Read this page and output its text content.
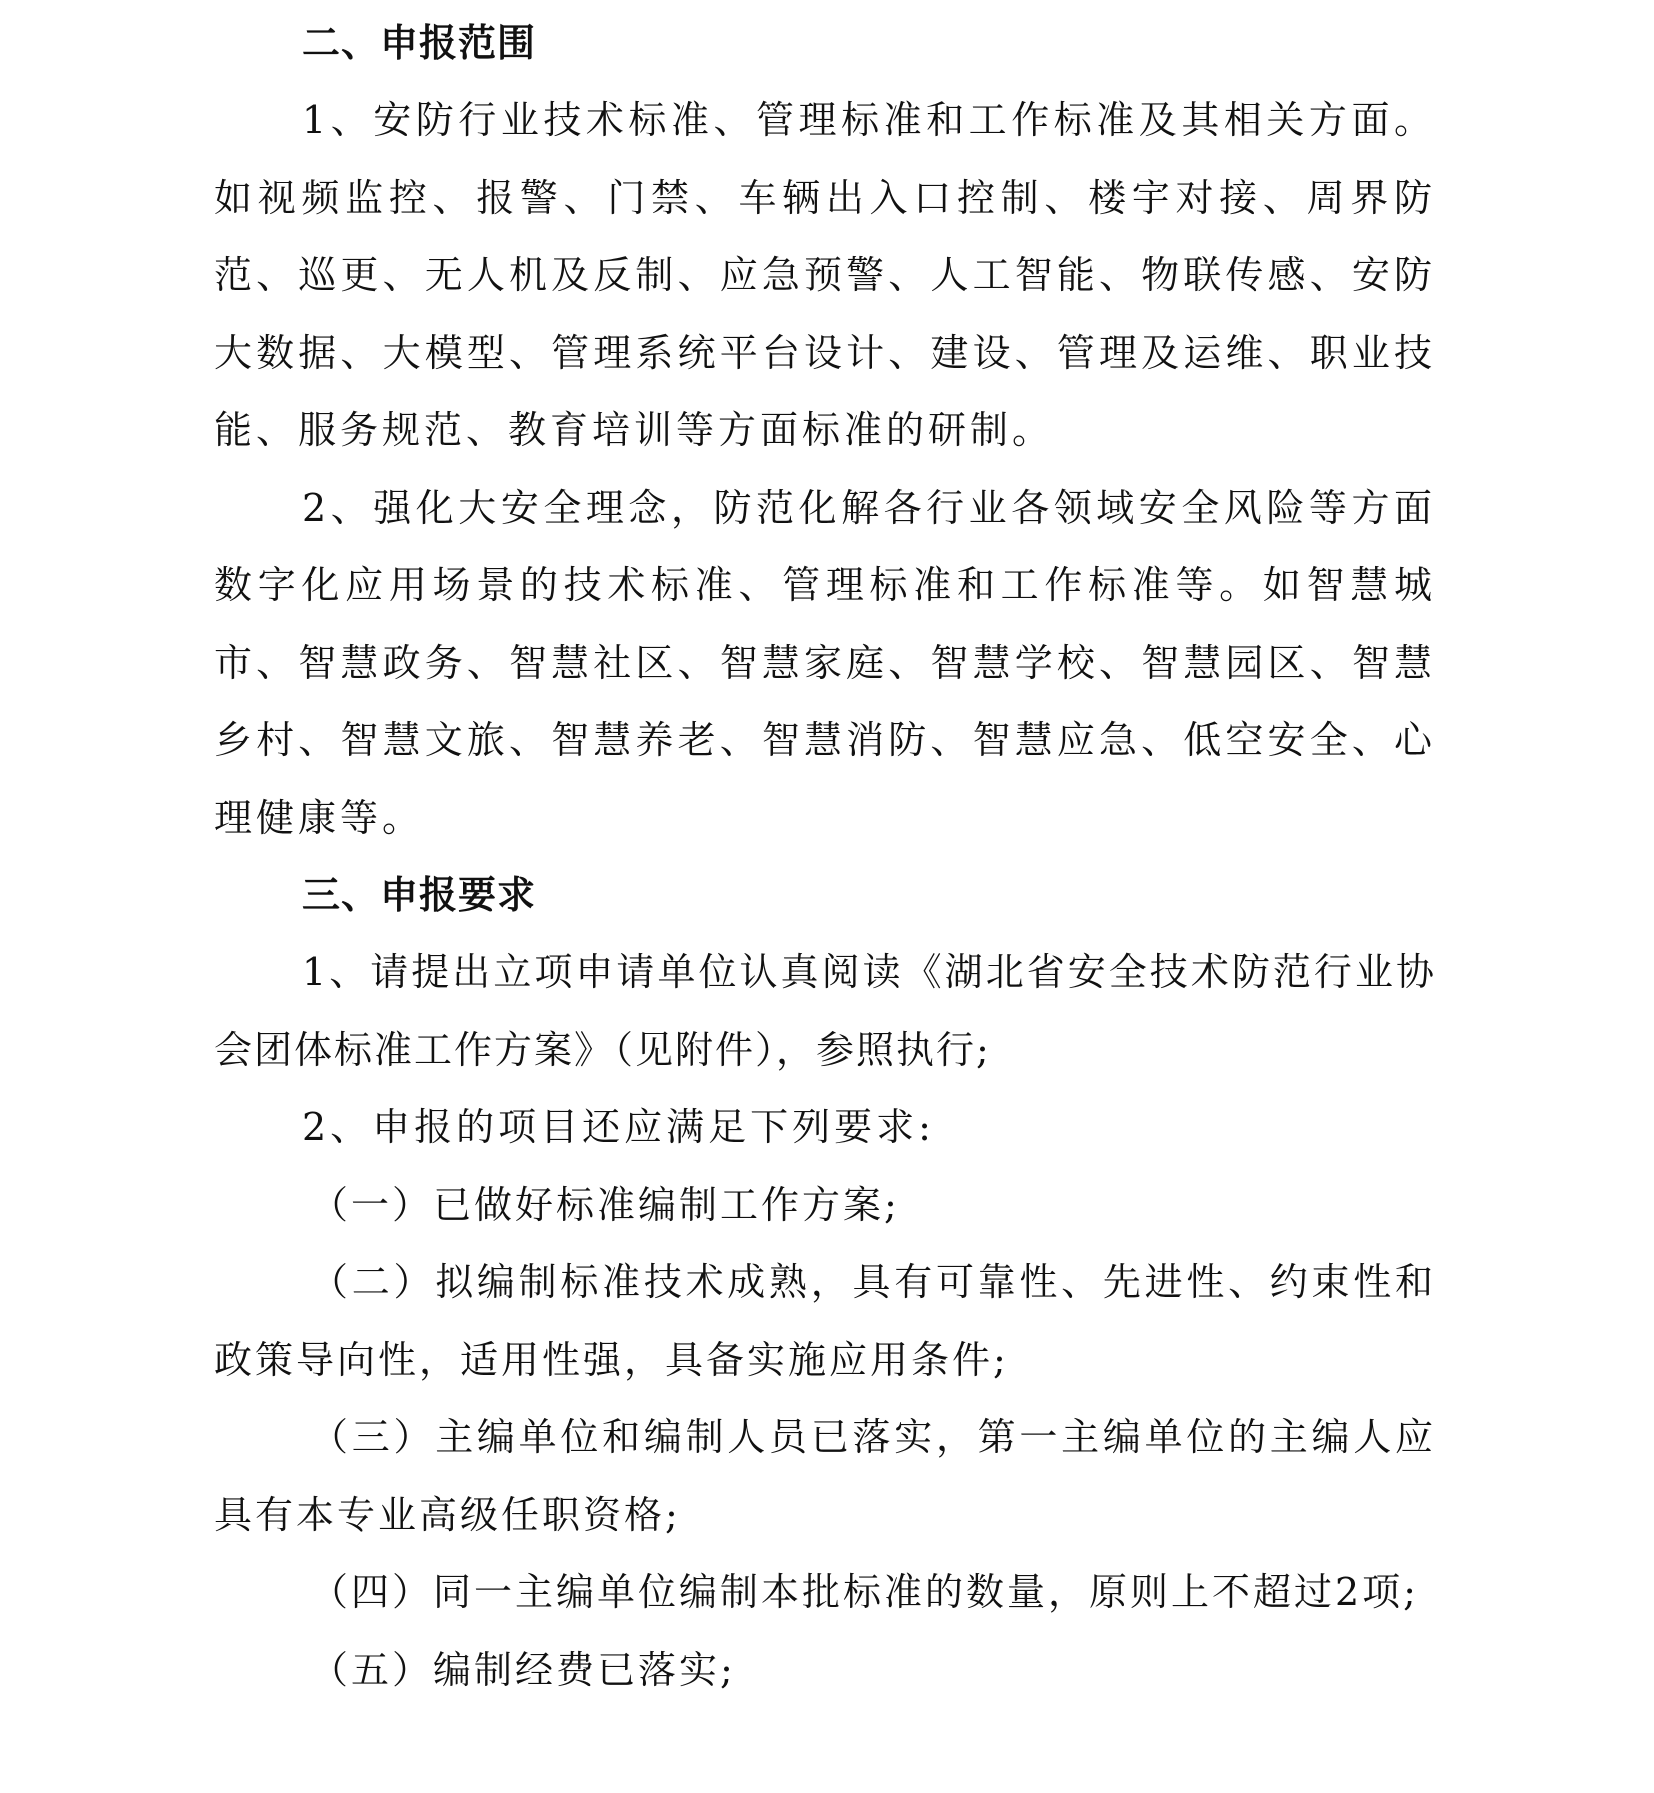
二、申报范围

1、安防行业技术标准、管理标准和工作标准及其相关方面。如视频监控、报警、门禁、车辆出入口控制、楼宇对接、周界防范、巡更、无人机及反制、应急预警、人工智能、物联传感、安防大数据、大模型、管理系统平台设计、建设、管理及运维、职业技能、服务规范、教育培训等方面标准的研制。

2、强化大安全理念，防范化解各行业各领域安全风险等方面数字化应用场景的技术标准、管理标准和工作标准等。如智慧城市、智慧政务、智慧社区、智慧家庭、智慧学校、智慧园区、智慧乡村、智慧文旅、智慧养老、智慧消防、智慧应急、低空安全、心理健康等。

三、申报要求

1、请提出立项申请单位认真阅读《湖北省安全技术防范行业协会团体标准工作方案》（见附件），参照执行;

2、申报的项目还应满足下列要求:

（一）已做好标准编制工作方案;

（二）拟编制标准技术成熟，具有可靠性、先进性、约束性和政策导向性，适用性强，具备实施应用条件;

（三）主编单位和编制人员已落实，第一主编单位的主编人应具有本专业高级任职资格;

（四）同一主编单位编制本批标准的数量，原则上不超过2项;

（五）编制经费已落实;
